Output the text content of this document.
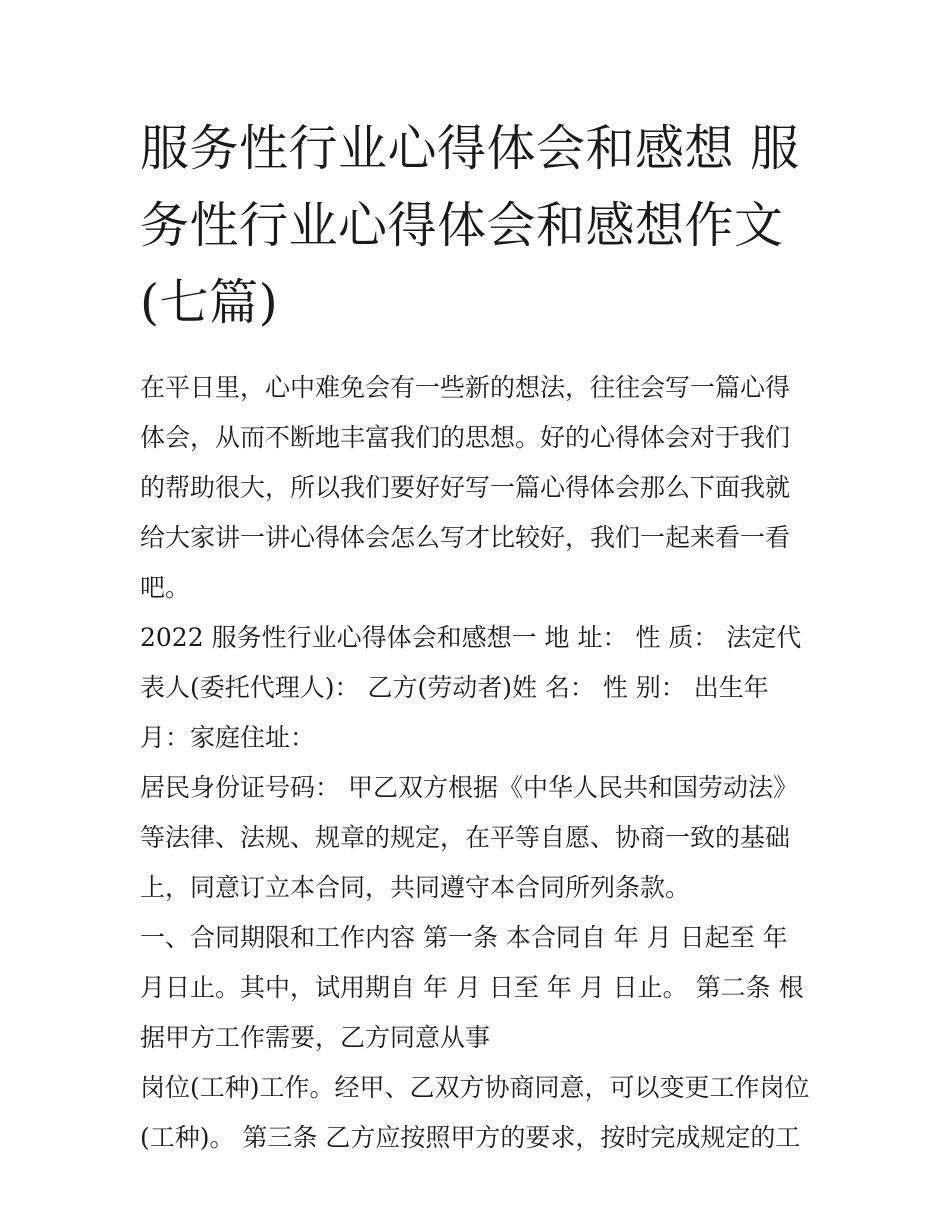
服务性行业心得体会和感想 服务性行业心得体会和感想作文(七篇)

在平日里，心中难免会有一些新的想法，往往会写一篇心得体会，从而不断地丰富我们的思想。好的心得体会对于我们的帮助很大，所以我们要好好写一篇心得体会那么下面我就给大家讲一讲心得体会怎么写才比较好，我们一起来看一看吧。

2022 服务性行业心得体会和感想一 地 址： 性 质： 法定代表人(委托代理人)： 乙方(劳动者)姓 名： 性 别： 出生年月：家庭住址：

居民身份证号码： 甲乙双方根据《中华人民共和国劳动法》等法律、法规、规章的规定，在平等自愿、协商一致的基础上，同意订立本合同，共同遵守本合同所列条款。

一、合同期限和工作内容 第一条 本合同自 年 月 日起至 年 月日止。其中，试用期自 年 月 日至 年 月 日止。 第二条 根据甲方工作需要，乙方同意从事

岗位(工种)工作。经甲、乙双方协商同意，可以变更工作岗位(工种)。 第三条 乙方应按照甲方的要求，按时完成规定的工
